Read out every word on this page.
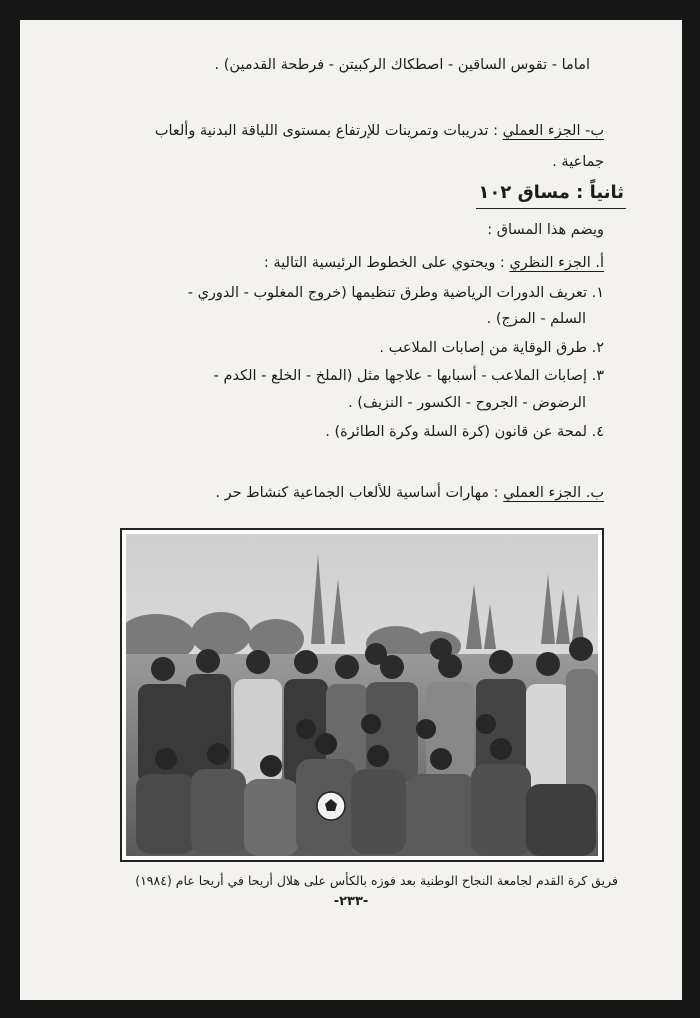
اماما - تقوس الساقين - اصطكاك الركبيتن - فرطحة القدمين) .
ب- الجزء العملي : تدريبات وتمرينات للإرتفاع بمستوى اللياقة البدنية وألعاب
جماعية .
ثانياً : مساق ١٠٢
ويضم هذا المساق :
أ. الجزء النظري : ويحتوي على الخطوط الرئيسية التالية :
١. تعريف الدورات الرياضية وطرق تنظيمها (خروج المغلوب - الدوري -
السلم - المزج) .
٢. طرق الوقاية من إصابات الملاعب .
٣. إصابات الملاعب - أسبابها - علاجها مثل (الملخ - الخلع - الكدم -
الرضوض - الجروح - الكسور - النزيف) .
٤. لمحة عن قانون (كرة السلة وكرة الطائرة) .
ب. الجزء العملي : مهارات أساسية للألعاب الجماعية كنشاط حر .
فريق كرة القدم لجامعة النجاح الوطنية بعد فوزه بالكأس على هلال أريحا في أريحا عام (١٩٨٤)
-٢٣٣-
